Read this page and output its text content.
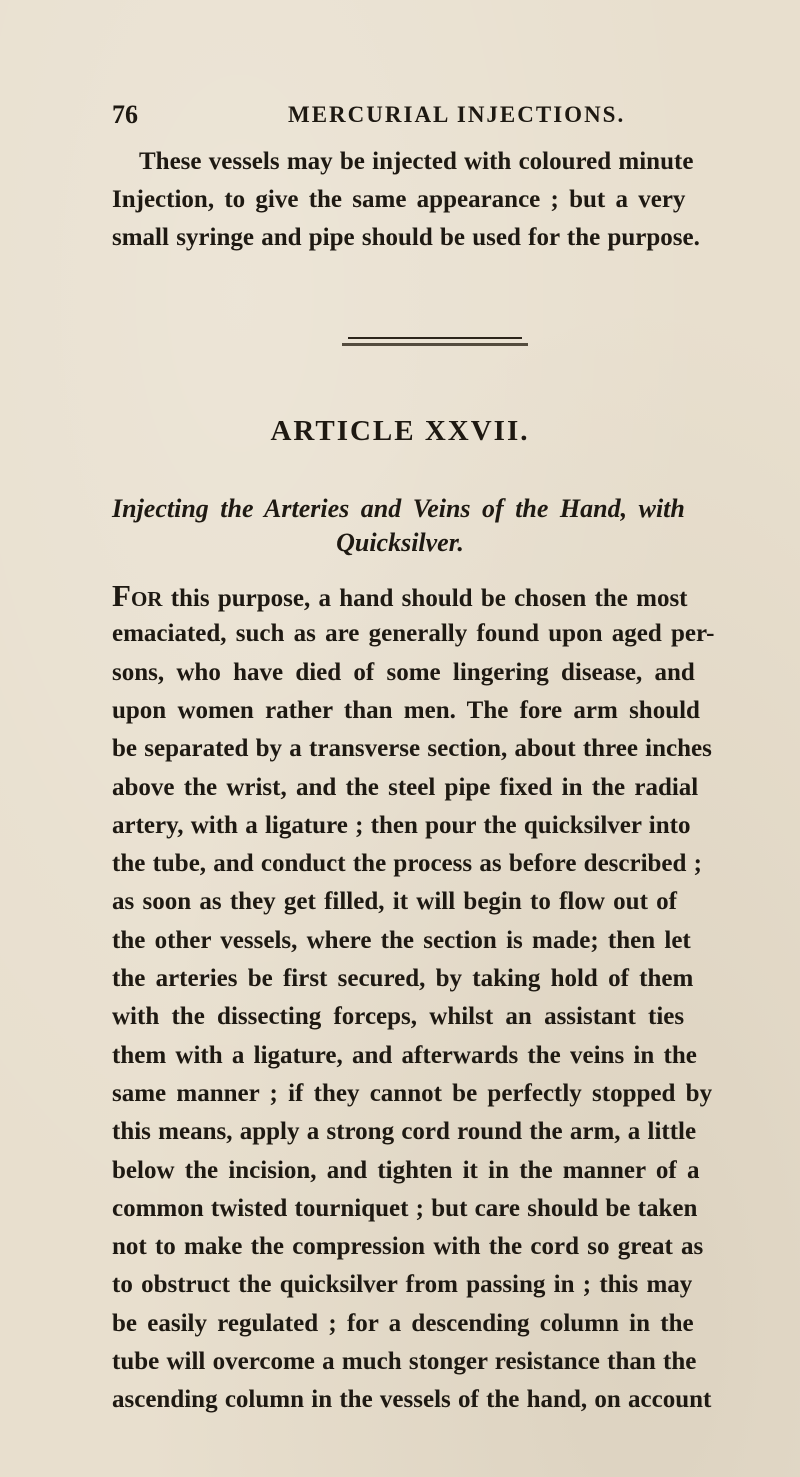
76	MERCURIAL INJECTIONS.
These vessels may be injected with coloured minute
Injection, to give the same appearance ; but a very
small syringe and pipe should be used for the purpose.
ARTICLE XXVII.
Injecting the Arteries and Veins of the Hand, with
Quicksilver.
FOR this purpose, a hand should be chosen the most
emaciated, such as are generally found upon aged per-
sons, who have died of some lingering disease, and
upon women rather than men. The fore arm should
be separated by a transverse section, about three inches
above the wrist, and the steel pipe fixed in the radial
artery, with a ligature ; then pour the quicksilver into
the tube, and conduct the process as before described ;
as soon as they get filled, it will begin to flow out of
the other vessels, where the section is made; then let
the arteries be first secured, by taking hold of them
with the dissecting forceps, whilst an assistant ties
them with a ligature, and afterwards the veins in the
same manner ; if they cannot be perfectly stopped by
this means, apply a strong cord round the arm, a little
below the incision, and tighten it in the manner of a
common twisted tourniquet ; but care should be taken
not to make the compression with the cord so great as
to obstruct the quicksilver from passing in ; this may
be easily regulated ; for a descending column in the
tube will overcome a much stonger resistance than the
ascending column in the vessels of the hand, on account
